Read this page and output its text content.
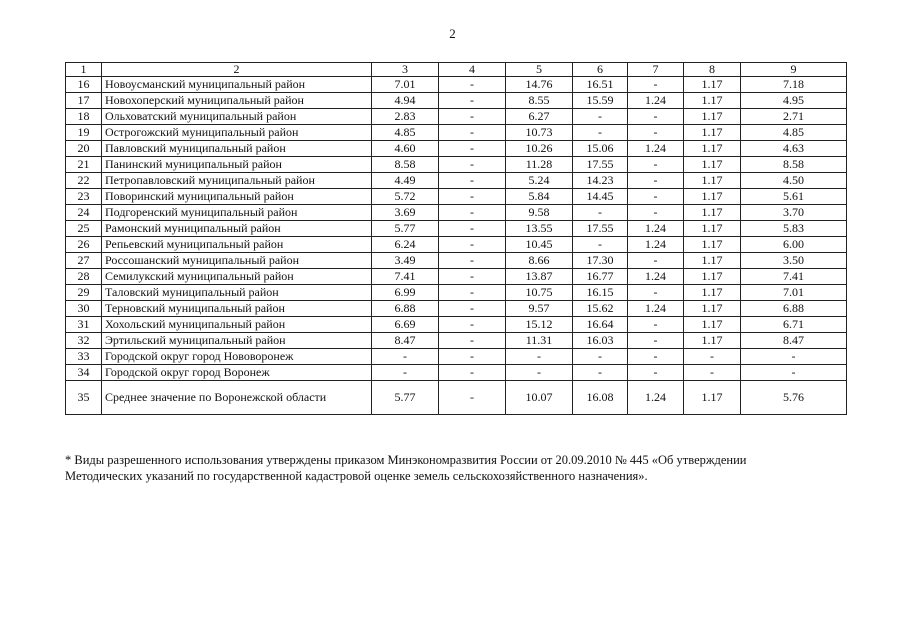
2
1	2	3	4	5	6	7	8	9
16	Новоусманский муниципальный район	7.01	-	14.76	16.51	-	1.17	7.18
17	Новохоперский муниципальный район	4.94	-	8.55	15.59	1.24	1.17	4.95
18	Ольховатский муниципальный район	2.83	-	6.27	-	-	1.17	2.71
19	Острогожский муниципальный район	4.85	-	10.73	-	-	1.17	4.85
20	Павловский муниципальный район	4.60	-	10.26	15.06	1.24	1.17	4.63
21	Панинский муниципальный район	8.58	-	11.28	17.55	-	1.17	8.58
22	Петропавловский муниципальный район	4.49	-	5.24	14.23	-	1.17	4.50
23	Поворинский муниципальный район	5.72	-	5.84	14.45	-	1.17	5.61
24	Подгоренский муниципальный район	3.69	-	9.58	-	-	1.17	3.70
25	Рамонский муниципальный район	5.77	-	13.55	17.55	1.24	1.17	5.83
26	Репьевский муниципальный район	6.24	-	10.45	-	1.24	1.17	6.00
27	Россошанский муниципальный район	3.49	-	8.66	17.30	-	1.17	3.50
28	Семилукский муниципальный район	7.41	-	13.87	16.77	1.24	1.17	7.41
29	Таловский муниципальный район	6.99	-	10.75	16.15	-	1.17	7.01
30	Терновский муниципальный район	6.88	-	9.57	15.62	1.24	1.17	6.88
31	Хохольский муниципальный район	6.69	-	15.12	16.64	-	1.17	6.71
32	Эртильский муниципальный район	8.47	-	11.31	16.03	-	1.17	8.47
33	Городской округ город Нововоронеж	-	-	-	-	-	-	-
34	Городской округ город Воронеж	-	-	-	-	-	-	-
35	Среднее значение по Воронежской области	5.77	-	10.07	16.08	1.24	1.17	5.76
* Виды разрешенного использования утверждены приказом Минэкономразвития России от 20.09.2010 № 445 «Об утверждении Методических указаний по государственной кадастровой оценке земель сельскохозяйственного назначения».
